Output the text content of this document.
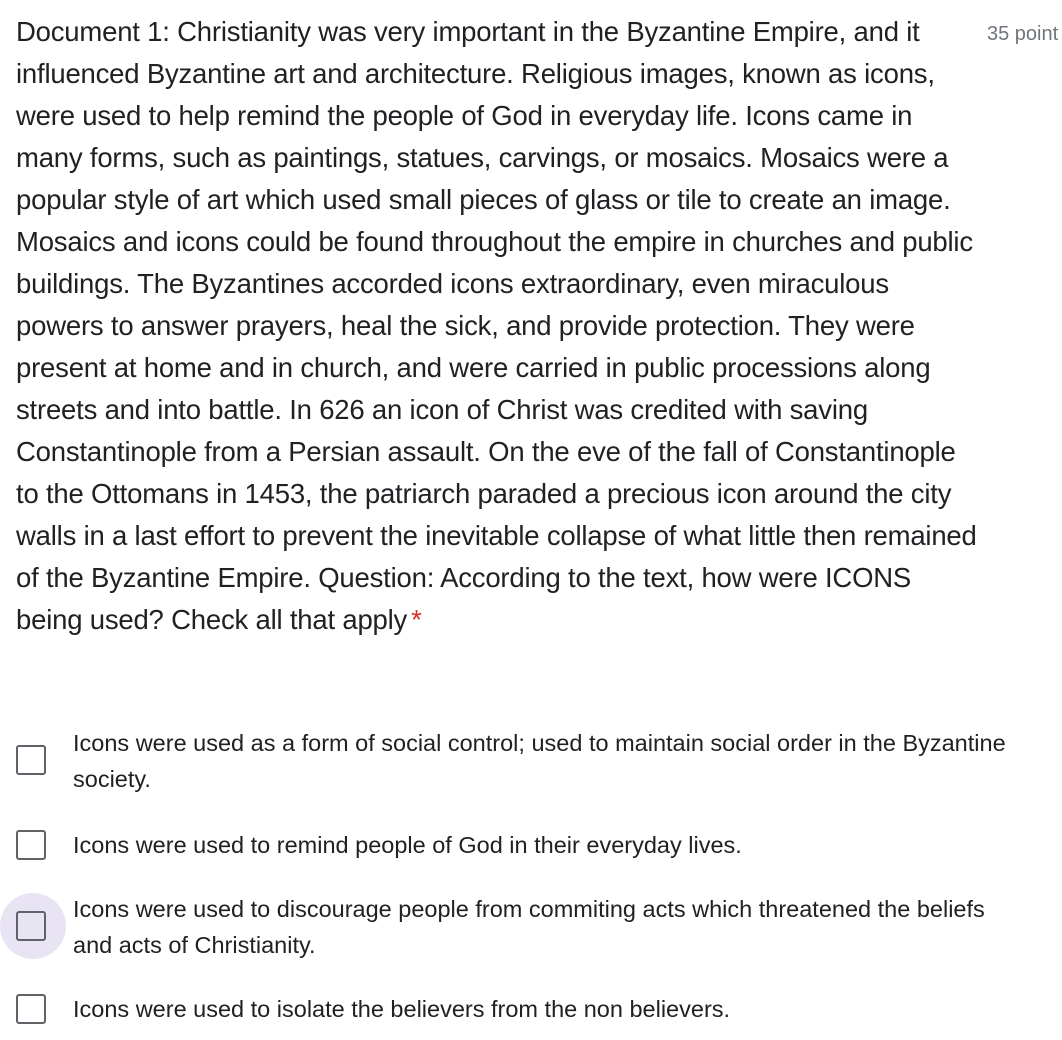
Document 1: Christianity was very important in the Byzantine Empire, and it influenced Byzantine art and architecture. Religious images, known as icons, were used to help remind the people of God in everyday life. Icons came in many forms, such as paintings, statues, carvings, or mosaics. Mosaics were a popular style of art which used small pieces of glass or tile to create an image. Mosaics and icons could be found throughout the empire in churches and public buildings. The Byzantines accorded icons extraordinary, even miraculous powers to answer prayers, heal the sick, and provide protection. They were present at home and in church, and were carried in public processions along streets and into battle. In 626 an icon of Christ was credited with saving Constantinople from a Persian assault. On the eve of the fall of Constantinople to the Ottomans in 1453, the patriarch paraded a precious icon around the city walls in a last effort to prevent the inevitable collapse of what little then remained of the Byzantine Empire. Question: According to the text, how were ICONS being used? Check all that apply *

35 point
Icons were used as a form of social control; used to maintain social order in the Byzantine society.
Icons were used to remind people of God in their everyday lives.
Icons were used to discourage people from commiting acts which threatened the beliefs and acts of Christianity.
Icons were used to isolate the believers from the non believers.
